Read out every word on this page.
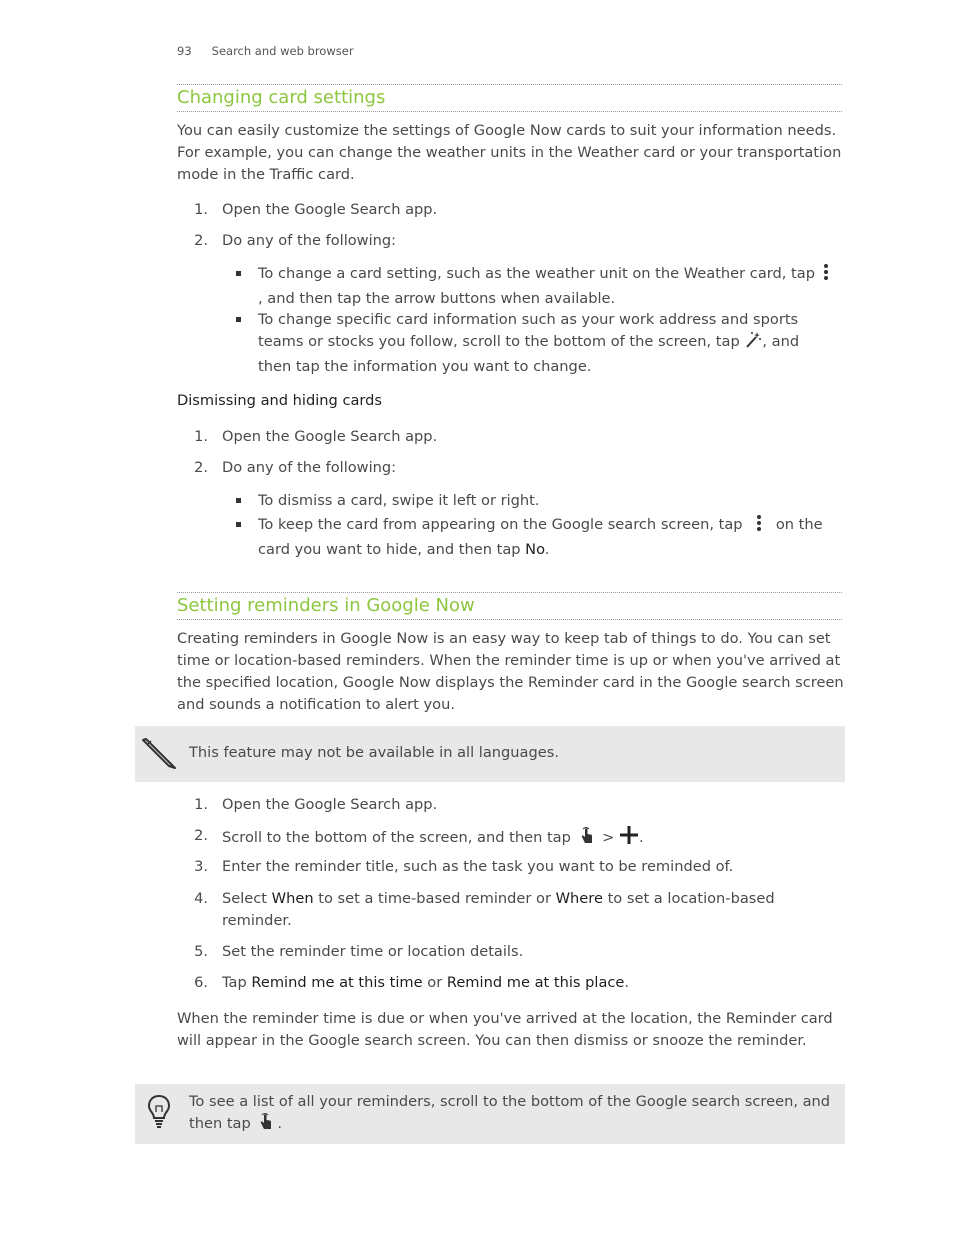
93 Search and web browser
Changing card settings

You can easily customize the settings of Google Now cards to suit your information needs. For example, you can change the weather units in the Weather card or your transportation mode in the Traffic card.

1. Open the Google Search app.
2. Do any of the following:
To change a card setting, such as the weather unit on the Weather card, tap , and then tap the arrow buttons when available.
To change specific card information such as your work address and sports teams or stocks you follow, scroll to the bottom of the screen, tap , and then tap the information you want to change.
Dismissing and hiding cards
1. Open the Google Search app.
2. Do any of the following:
To dismiss a card, swipe it left or right.
To keep the card from appearing on the Google search screen, tap on the card you want to hide, and then tap No.
Setting reminders in Google Now

Creating reminders in Google Now is an easy way to keep tab of things to do. You can set time or location-based reminders. When the reminder time is up or when you've arrived at the specified location, Google Now displays the Reminder card in the Google search screen and sounds a notification to alert you.

This feature may not be available in all languages.
1. Open the Google Search app.
2. Scroll to the bottom of the screen, and then tap > .
3. Enter the reminder title, such as the task you want to be reminded of.
4. Select When to set a time-based reminder or Where to set a location-based reminder.
5. Set the reminder time or location details.
6. Tap Remind me at this time or Remind me at this place.

When the reminder time is due or when you've arrived at the location, the Reminder card will appear in the Google search screen. You can then dismiss or snooze the reminder.

To see a list of all your reminders, scroll to the bottom of the Google search screen, and then tap .
